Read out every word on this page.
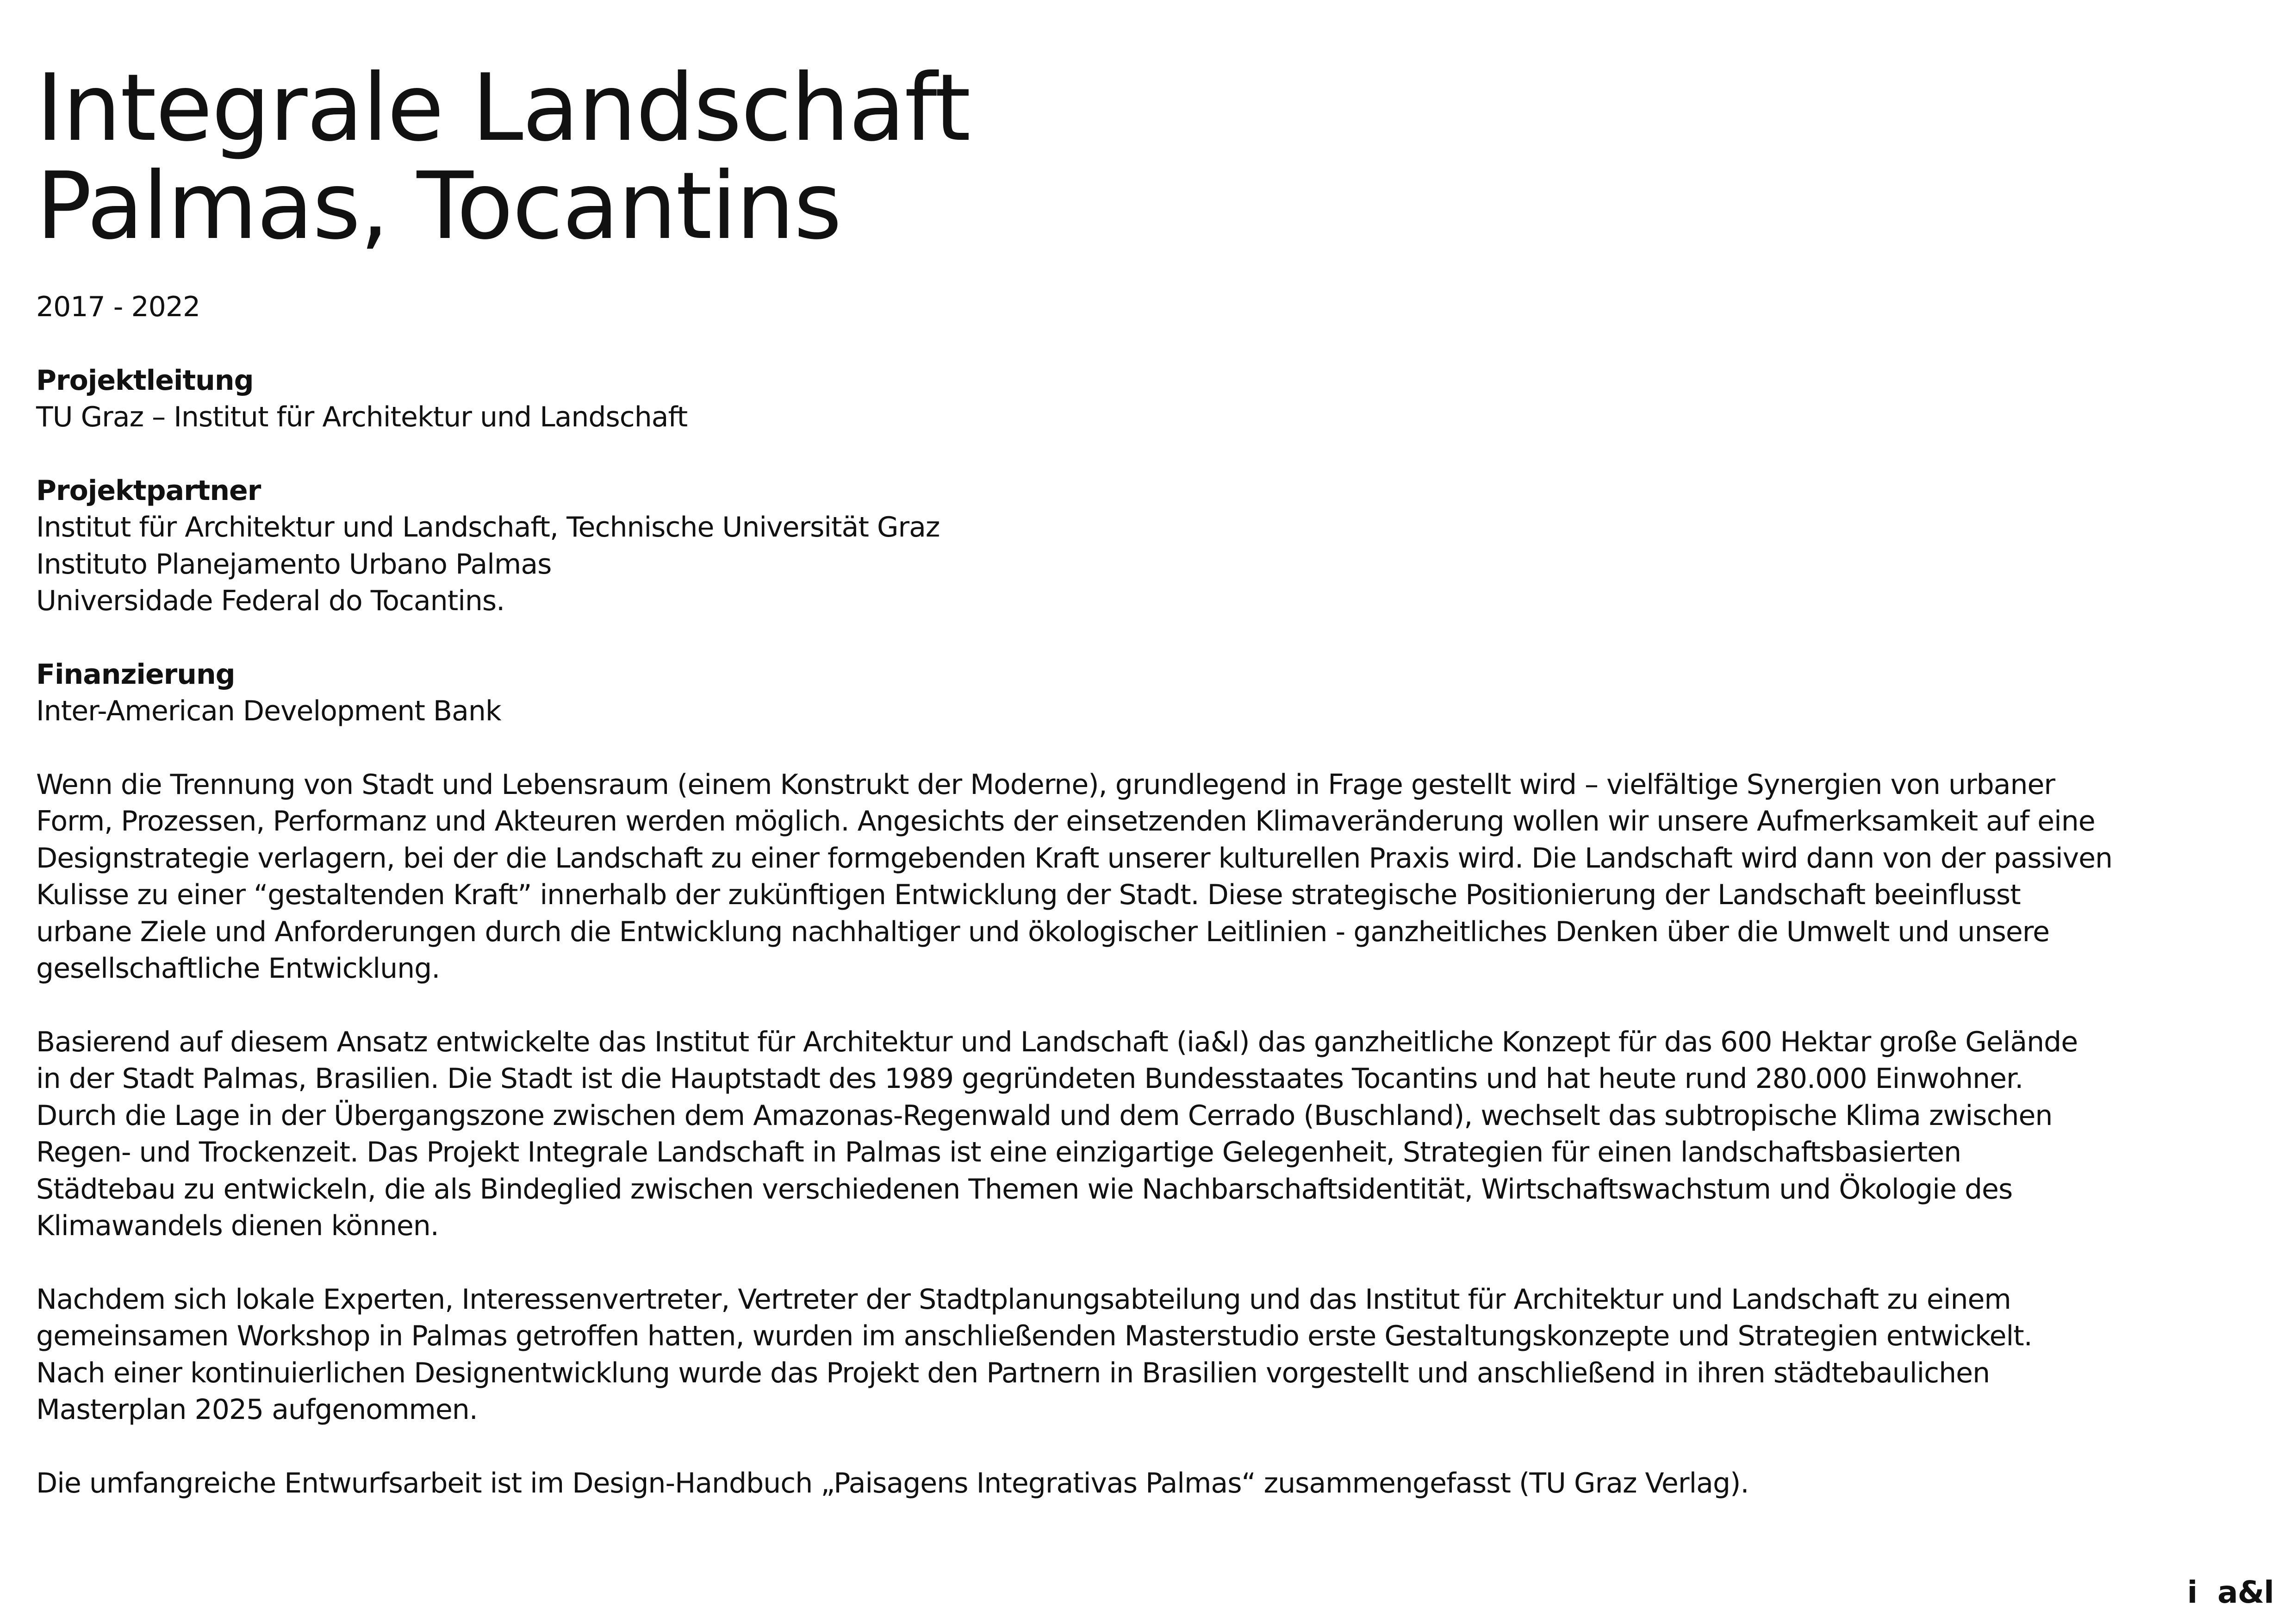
Integrale Landschaft
Palmas, Tocantins
2017 - 2022
Projektleitung
TU Graz – Institut für Architektur und Landschaft
Projektpartner
Institut für Architektur und Landschaft, Technische Universität Graz
Instituto Planejamento Urbano Palmas
Universidade Federal do Tocantins.
Finanzierung
Inter-American Development Bank

Wenn die Trennung von Stadt und Lebensraum (einem Konstrukt der Moderne), grundlegend in Frage gestellt wird – vielfältige Synergien von urbaner
Form, Prozessen, Performanz und Akteuren werden möglich. Angesichts der einsetzenden Klimaveränderung wollen wir unsere Aufmerksamkeit auf eine
Designstrategie verlagern, bei der die Landschaft zu einer formgebenden Kraft unserer kulturellen Praxis wird. Die Landschaft wird dann von der passiven
Kulisse zu einer “gestaltenden Kraft” innerhalb der zukünftigen Entwicklung der Stadt. Diese strategische Positionierung der Landschaft beeinflusst
urbane Ziele und Anforderungen durch die Entwicklung nachhaltiger und ökologischer Leitlinien - ganzheitliches Denken über die Umwelt und unsere
gesellschaftliche Entwicklung.

Basierend auf diesem Ansatz entwickelte das Institut für Architektur und Landschaft (ia&l) das ganzheitliche Konzept für das 600 Hektar große Gelände
in der Stadt Palmas, Brasilien. Die Stadt ist die Hauptstadt des 1989 gegründeten Bundesstaates Tocantins und hat heute rund 280.000 Einwohner.
Durch die Lage in der Übergangszone zwischen dem Amazonas-Regenwald und dem Cerrado (Buschland), wechselt das subtropische Klima zwischen
Regen- und Trockenzeit. Das Projekt Integrale Landschaft in Palmas ist eine einzigartige Gelegenheit, Strategien für einen landschaftsbasierten
Städtebau zu entwickeln, die als Bindeglied zwischen verschiedenen Themen wie Nachbarschaftsidentität, Wirtschaftswachstum und Ökologie des
Klimawandels dienen können.

Nachdem sich lokale Experten, Interessenvertreter, Vertreter der Stadtplanungsabteilung und das Institut für Architektur und Landschaft zu einem
gemeinsamen Workshop in Palmas getroffen hatten, wurden im anschließenden Masterstudio erste Gestaltungskonzepte und Strategien entwickelt.
Nach einer kontinuierlichen Designentwicklung wurde das Projekt den Partnern in Brasilien vorgestellt und anschließend in ihren städtebaulichen
Masterplan 2025 aufgenommen.

Die umfangreiche Entwurfsarbeit ist im Design-Handbuch „Paisagens Integrativas Palmas“ zusammengefasst (TU Graz Verlag).

i  a&l
